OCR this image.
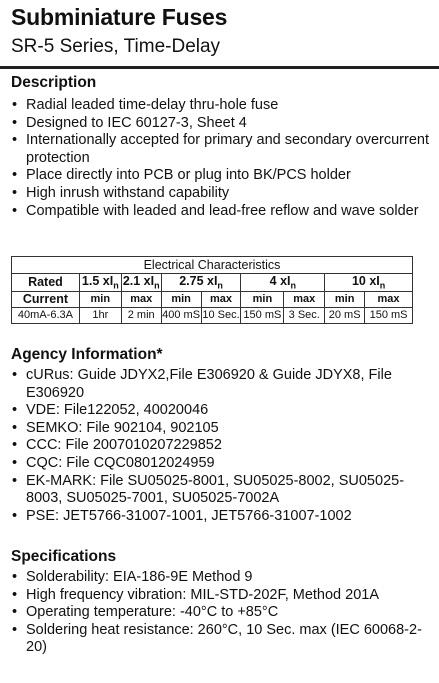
Subminiature Fuses
SR-5 Series, Time-Delay
Description
• Radial leaded time-delay thru-hole fuse
• Designed to IEC 60127-3, Sheet 4
• Internationally accepted for primary and secondary overcurrent protection
• Place directly into PCB or plug into BK/PCS holder
• High inrush withstand capability
• Compatible with leaded and lead-free reflow and wave solder
Electrical Characteristics								
Rated	1.5 $xI_n$	2.1 $xI_n$	2.75 $xI_n$		4 $xI_n$		10 $xI_n$
Current	min	max	min	max	min	max	min	max
40mA-6.3A	1hr	2 min	400 mS	10 Sec.	150 mS	3 Sec.	20 mS	150 mS
Agency Information*
• cURus: Guide JDYX2,File E306920 & Guide JDYX8, File E306920
• VDE: File122052, 40020046
• SEMKO: File 902104, 902105
• CCC: File 2007010207229852
• CQC: File CQC08012024959
• EK-MARK: File SU05025-8001, SU05025-8002, SU05025-8003, SU05025-7001, SU05025-7002A
• PSE: JET5766-31007-1001, JET5766-31007-1002
Specifications
• Solderability: EIA-186-9E Method 9
• High frequency vibration: MIL-STD-202F, Method 201A
• Operating temperature: -40°C to +85°C
• Soldering heat resistance: 260°C, 10 Sec. max (IEC 60068-2-20)
